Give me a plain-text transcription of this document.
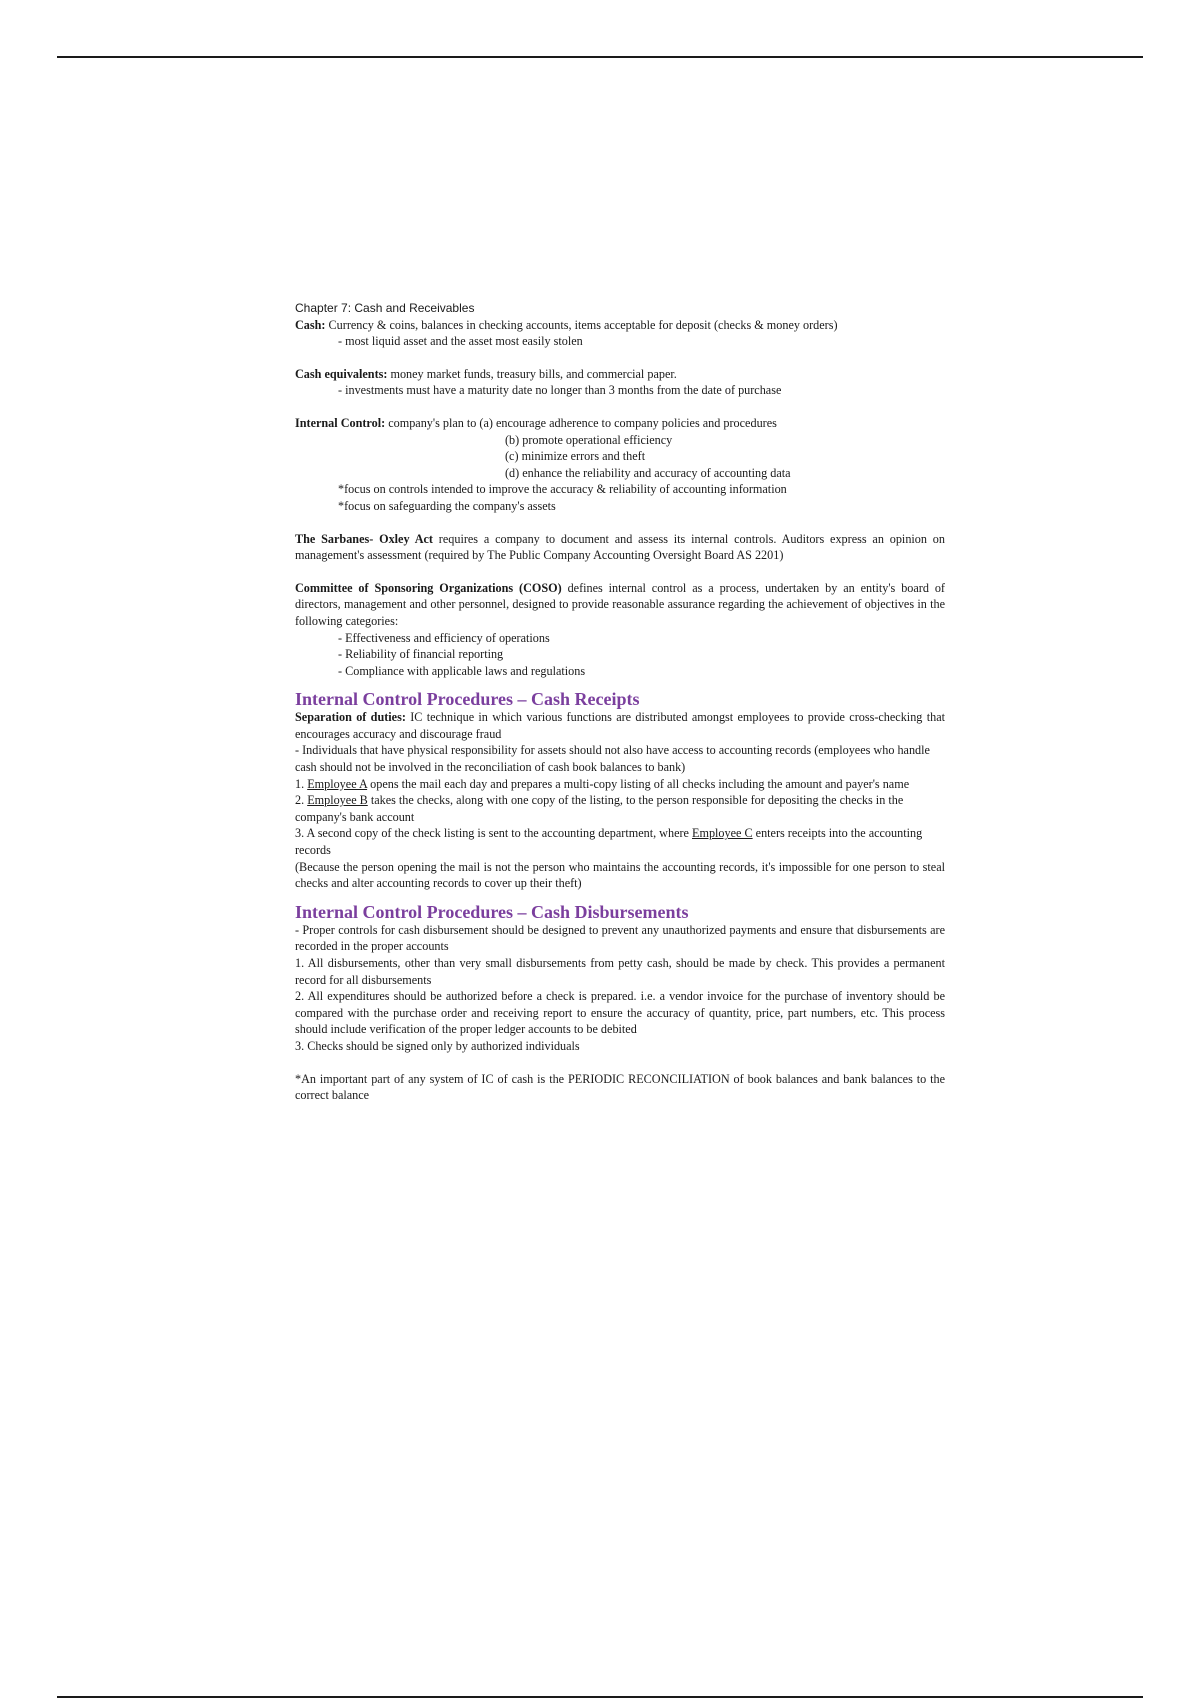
Chapter 7: Cash and Receivables

Cash: Currency & coins, balances in checking accounts, items acceptable for deposit (checks & money orders)

- most liquid asset and the asset most easily stolen

Cash equivalents: money market funds, treasury bills, and commercial paper.

- investments must have a maturity date no longer than 3 months from the date of purchase

Internal Control: company's plan to (a) encourage adherence to company policies and procedures

(b) promote operational efficiency

(c) minimize errors and theft

(d) enhance the reliability and accuracy of accounting data

*focus on controls intended to improve the accuracy & reliability of accounting information

*focus on safeguarding the company's assets

The Sarbanes- Oxley Act requires a company to document and assess its internal controls. Auditors express an opinion on management's assessment (required by The Public Company Accounting Oversight Board AS 2201)

Committee of Sponsoring Organizations (COSO) defines internal control as a process, undertaken by an entity's board of directors, management and other personnel, designed to provide reasonable assurance regarding the achievement of objectives in the following categories:

- Effectiveness and efficiency of operations

- Reliability of financial reporting

- Compliance with applicable laws and regulations

Internal Control Procedures – Cash Receipts

Separation of duties: IC technique in which various functions are distributed amongst employees to provide cross-checking that encourages accuracy and discourage fraud

- Individuals that have physical responsibility for assets should not also have access to accounting records (employees who handle cash should not be involved in the reconciliation of cash book balances to bank)

1. Employee A opens the mail each day and prepares a multi-copy listing of all checks including the amount and payer's name

2. Employee B takes the checks, along with one copy of the listing, to the person responsible for depositing the checks in the company's bank account

3. A second copy of the check listing is sent to the accounting department, where Employee C enters receipts into the accounting records

(Because the person opening the mail is not the person who maintains the accounting records, it's impossible for one person to steal checks and alter accounting records to cover up their theft)

Internal Control Procedures – Cash Disbursements

- Proper controls for cash disbursement should be designed to prevent any unauthorized payments and ensure that disbursements are recorded in the proper accounts

1. All disbursements, other than very small disbursements from petty cash, should be made by check. This provides a permanent record for all disbursements

2. All expenditures should be authorized before a check is prepared. i.e. a vendor invoice for the purchase of inventory should be compared with the purchase order and receiving report to ensure the accuracy of quantity, price, part numbers, etc. This process should include verification of the proper ledger accounts to be debited

3. Checks should be signed only by authorized individuals

*An important part of any system of IC of cash is the PERIODIC RECONCILIATION of book balances and bank balances to the correct balance
